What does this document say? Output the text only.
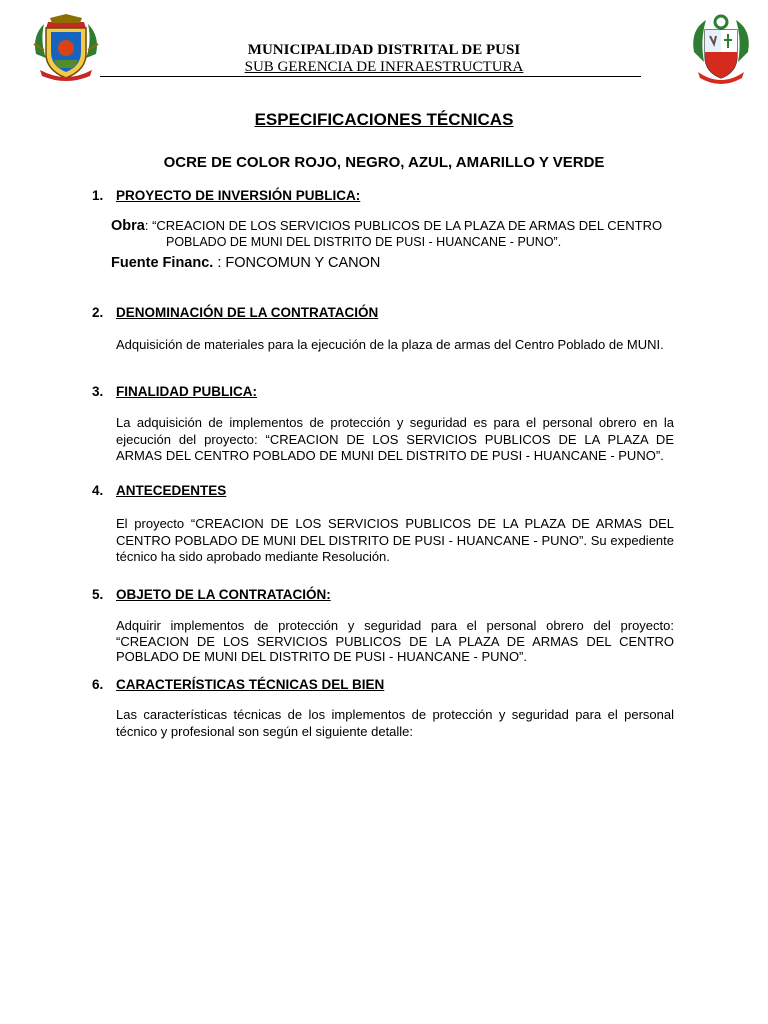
MUNICIPALIDAD DISTRITAL DE PUSI
SUB GERENCIA DE INFRAESTRUCTURA
ESPECIFICACIONES TÉCNICAS
OCRE DE COLOR ROJO, NEGRO, AZUL, AMARILLO Y VERDE
1. PROYECTO DE INVERSIÓN PUBLICA:
Obra: “CREACION DE LOS SERVICIOS PUBLICOS DE LA PLAZA DE ARMAS DEL CENTRO
POBLADO DE MUNI DEL DISTRITO DE PUSI - HUANCANE - PUNO”.
Fuente Financ. : FONCOMUN Y CANON
2. DENOMINACIÓN DE LA CONTRATACIÓN
Adquisición de materiales para la ejecución de la plaza de armas del Centro Poblado de MUNI.
3. FINALIDAD PUBLICA:
La adquisición de implementos de protección y seguridad es para el personal obrero en la ejecución del proyecto: “CREACION DE LOS SERVICIOS PUBLICOS DE LA PLAZA DE ARMAS DEL CENTRO POBLADO DE MUNI DEL DISTRITO DE PUSI - HUANCANE - PUNO”.
4. ANTECEDENTES
El proyecto “CREACION DE LOS SERVICIOS PUBLICOS DE LA PLAZA DE ARMAS DEL CENTRO POBLADO DE MUNI DEL DISTRITO DE PUSI - HUANCANE - PUNO”. Su expediente técnico ha sido aprobado mediante Resolución.
5. OBJETO DE LA CONTRATACIÓN:
Adquirir implementos de protección y seguridad para el personal obrero del proyecto: “CREACION DE LOS SERVICIOS PUBLICOS DE LA PLAZA DE ARMAS DEL CENTRO POBLADO DE MUNI DEL DISTRITO DE PUSI - HUANCANE - PUNO”.
6. CARACTERÍSTICAS TÉCNICAS DEL BIEN
Las características técnicas de los implementos de protección y seguridad para el personal técnico y profesional son según el siguiente detalle:
